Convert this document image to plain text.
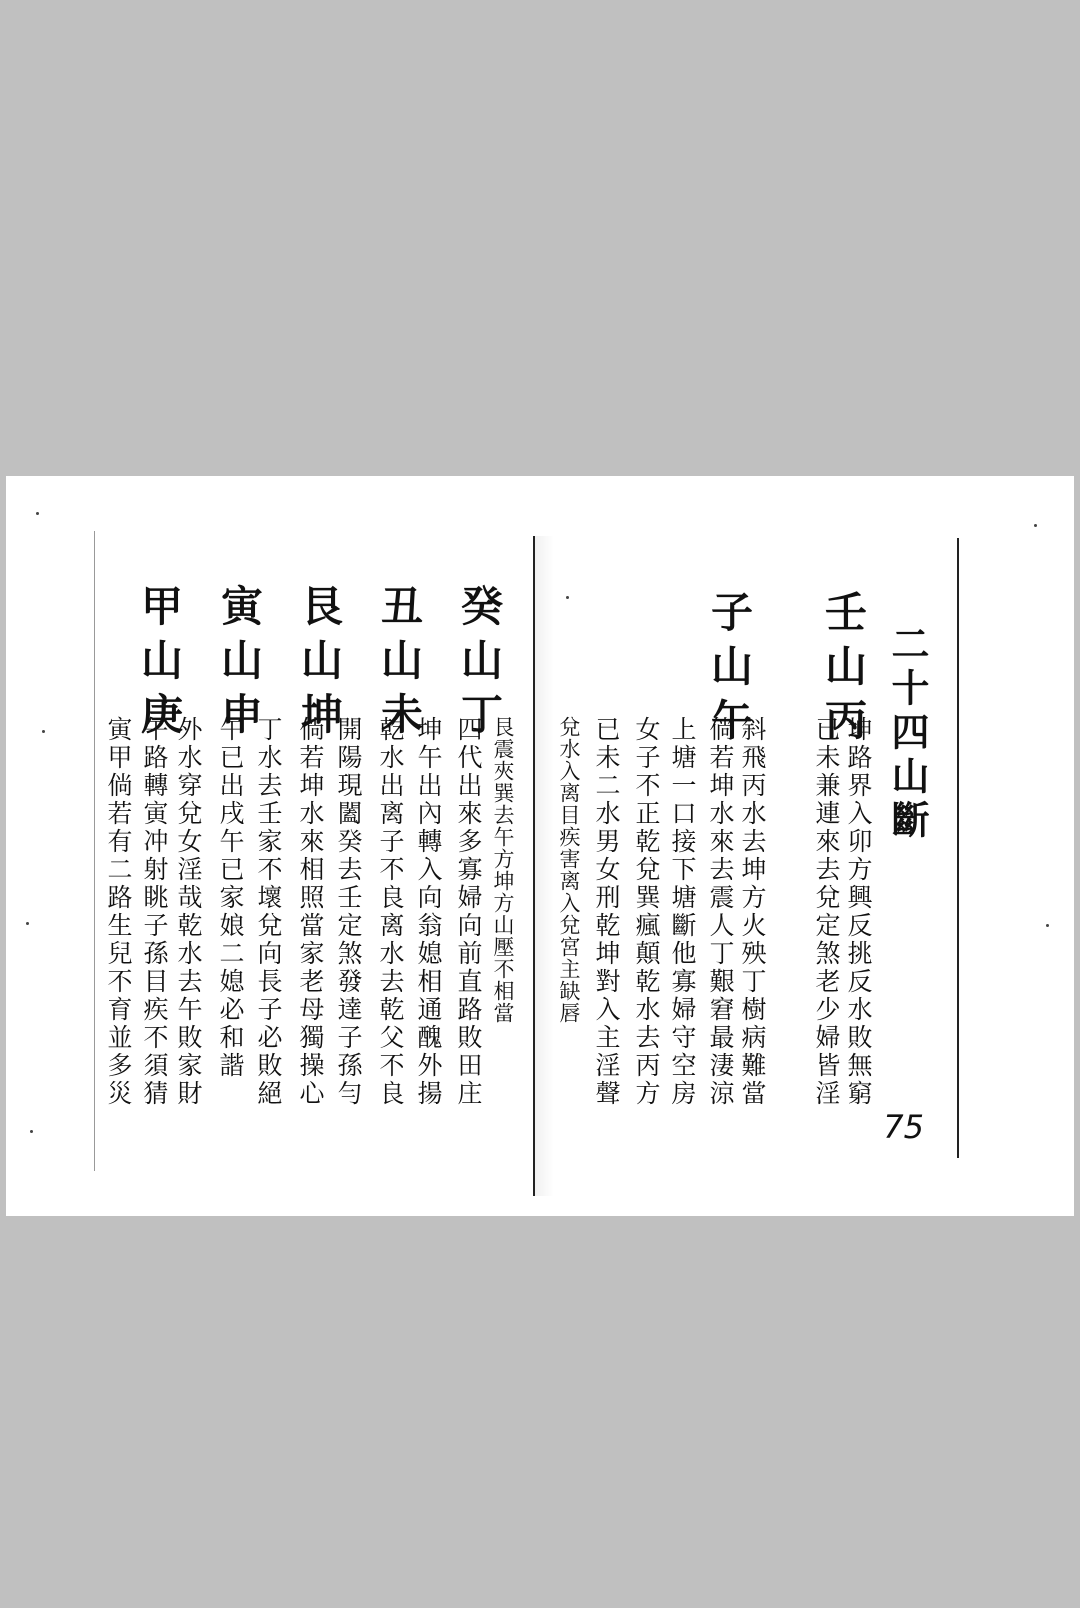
二十四山斷
壬山丙
坤路界入卯方興反挑反水敗無窮
已未兼連來去兌定煞老少婦皆淫
子山午
斜飛丙水去坤方火殃丁樹病難當
倘若坤水來去震人丁艱窘最淒涼
上塘一口接下塘斷他寡婦守空房
女子不正乾兌巽瘋顛乾水去丙方
已未二水男女刑乾坤對入主淫聲
兌水入离目疾害离入兌宮主缺唇
75
癸山丁
艮震夾巽去午方坤方山壓不相當
四代出來多寡婦向前直路敗田庄
丑山未
坤午出內轉入向翁媳相通醜外揚
乾水出离子不良离水去乾父不良
艮山坤
開陽現闔癸去壬定煞發達子孫勻
倘若坤水來相照當家老母獨操心
寅山申
丁水去壬家不壞兌向長子必敗絕
午已出戌午已家娘二媳必和諧
甲山庚
外水穿兌女淫哉乾水去午敗家財
午路轉寅冲射眺子孫目疾不須猜
寅甲倘若有二路生兒不育並多災
